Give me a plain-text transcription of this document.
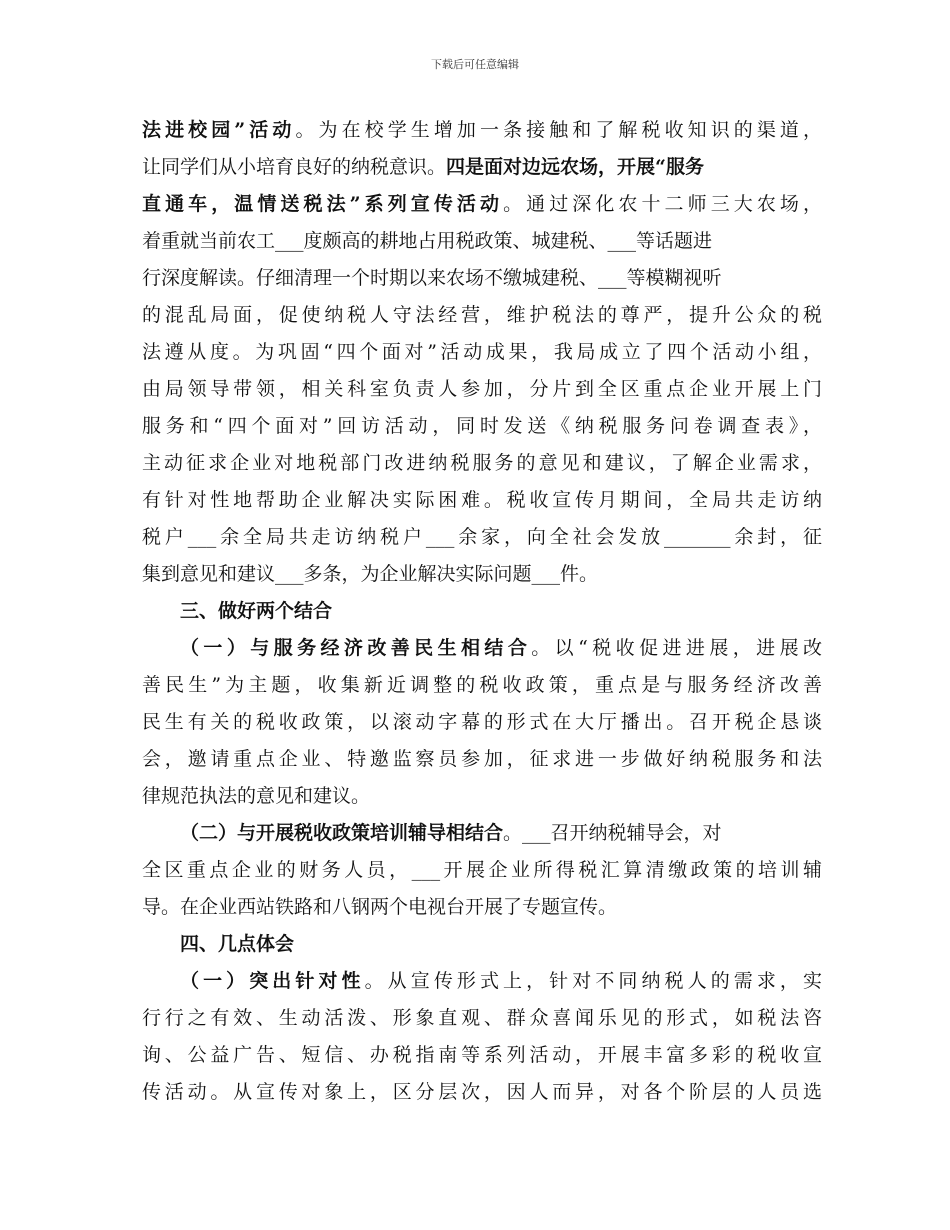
下载后可任意编辑
法进校园”活动。为在校学生增加一条接触和了解税收知识的渠道，
让同学们从小培育良好的纳税意识。四是面对边远农场，开展“服务
直通车，温情送税法”系列宣传活动。通过深化农十二师三大农场，
着重就当前农工___度颇高的耕地占用税政策、城建税、___等话题进
行深度解读。仔细清理一个时期以来农场不缴城建税、___等模糊视听
的混乱局面，促使纳税人守法经营，维护税法的尊严，提升公众的税
法遵从度。为巩固“四个面对”活动成果，我局成立了四个活动小组，
由局领导带领，相关科室负责人参加，分片到全区重点企业开展上门
服务和“四个面对”回访活动，同时发送《纳税服务问卷调查表》，
主动征求企业对地税部门改进纳税服务的意见和建议，了解企业需求，
有针对性地帮助企业解决实际困难。税收宣传月期间，全局共走访纳
税户___余全局共走访纳税户___余家，向全社会发放_______余封，征
集到意见和建议___多条，为企业解决实际问题___件。
三、做好两个结合
（一）与服务经济改善民生相结合。以“税收促进进展，进展改
善民生”为主题，收集新近调整的税收政策，重点是与服务经济改善
民生有关的税收政策，以滚动字幕的形式在大厅播出。召开税企恳谈
会，邀请重点企业、特邀监察员参加，征求进一步做好纳税服务和法
律规范执法的意见和建议。
（二）与开展税收政策培训辅导相结合。___召开纳税辅导会，对
全区重点企业的财务人员，___开展企业所得税汇算清缴政策的培训辅
导。在企业西站铁路和八钢两个电视台开展了专题宣传。
四、几点体会
（一）突出针对性。从宣传形式上，针对不同纳税人的需求，实
行行之有效、生动活泼、形象直观、群众喜闻乐见的形式，如税法咨
询、公益广告、短信、办税指南等系列活动，开展丰富多彩的税收宣
传活动。从宣传对象上，区分层次，因人而异，对各个阶层的人员选
